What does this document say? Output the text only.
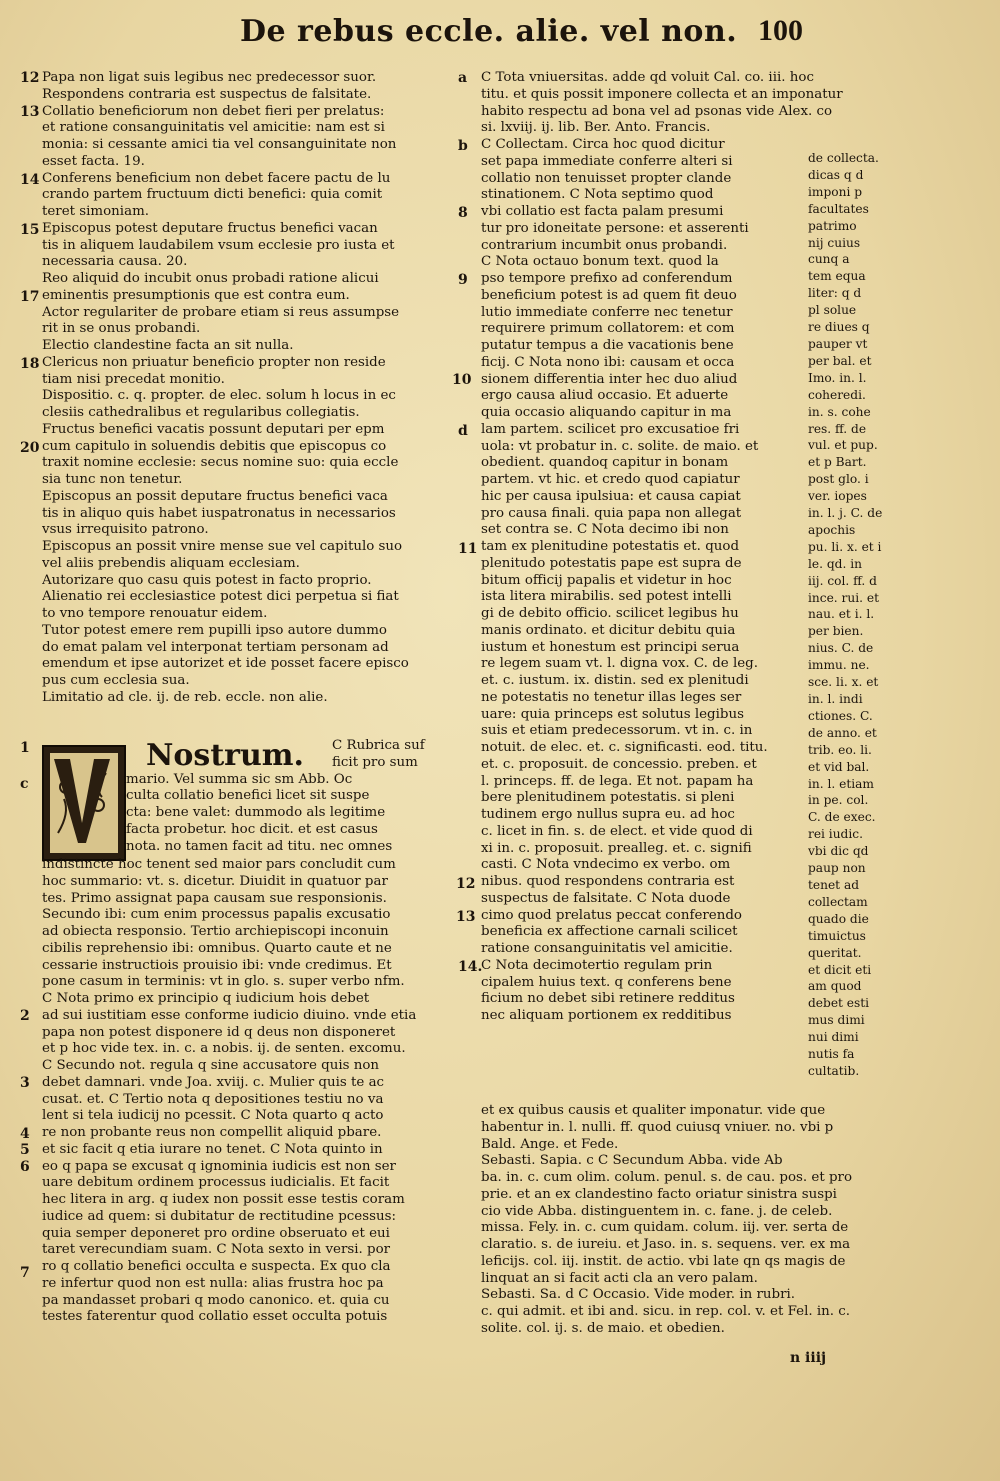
De rebus eccle. alie. vel non. 100
12
13
14
15
17
18
20
Papa non ligat suis legibus nec predecessor suor.
Respondens contraria est suspectus de falsitate.
Collatio beneficiorum non debet fieri per prelatus:
et ratione consanguinitatis vel amicitie: nam est si
monia: si cessante amici tia vel consanguinitate non
esset facta. 19.
Conferens beneficium non debet facere pactu de lu
crando partem fructuum dicti benefici: quia comit
teret simoniam.
Episcopus potest deputare fructus benefici vacan
tis in aliquem laudabilem vsum ecclesie pro iusta et
necessaria causa. 20.
Reo aliquid do incubit onus probadi ratione alicui
eminentis presumptionis que est contra eum.
Actor regulariter de probare etiam si reus assumpse
rit in se onus probandi.
Electio clandestine facta an sit nulla.
Clericus non priuatur beneficio propter non reside
tiam nisi precedat monitio.
Dispositio. c. q. propter. de elec. solum h locus in ec
clesiis cathedralibus et regularibus collegiatis.
Fructus benefici vacatis possunt deputari per epm
cum capitulo in soluendis debitis que episcopus co
traxit nomine ecclesie: secus nomine suo: quia eccle
sia tunc non tenetur.
Episcopus an possit deputare fructus benefici vaca
tis in aliquo quis habet iuspatronatus in necessarios
vsus irrequisito patrono.
Episcopus an possit vnire mense sue vel capitulo suo
vel aliis prebendis aliquam ecclesiam.
Autorizare quo casu quis potest in facto proprio.
Alienatio rei ecclesiastice potest dici perpetua si fiat
to vno tempore renouatur eidem.
Tutor potest emere rem pupilli ipso autore dummo
do emat palam vel interponat tertiam personam ad
emendum et ipse autorizet et ide posset facere episco
pus cum ecclesia sua.
Limitatio ad cle. ij. de reb. eccle. non alie.
Nostrum.
1
c
2
3
4
5
6
7
C Rubrica suf
ficit pro sum
mario. Vel summa sic sm Abb. Oc
culta collatio benefici licet sit suspe
cta: bene valet: dummodo als legitime
facta probetur. hoc dicit. et est casus
nota. no tamen facit ad titu. nec omnes
indistincte hoc tenent sed maior pars concludit cum
hoc summario: vt. s. dicetur. Diuidit in quatuor par
tes. Primo assignat papa causam sue responsionis.
Secundo ibi: cum enim processus papalis excusatio
ad obiecta responsio. Tertio archiepiscopi inconuin
cibilis reprehensio ibi: omnibus. Quarto caute et ne
cessarie instructiois prouisio ibi: vnde credimus. Et
pone casum in terminis: vt in glo. s. super verbo nfm.
C Nota primo ex principio q iudicium hois debet
ad sui iustitiam esse conforme iudicio diuino. vnde etia
papa non potest disponere id q deus non disponeret
et p hoc vide tex. in. c. a nobis. ij. de senten. excomu.
C Secundo not. regula q sine accusatore quis non
debet damnari. vnde Joa. xviij. c. Mulier quis te ac
cusat. et. C Tertio nota q depositiones testiu no va
lent si tela iudicij no pcessit. C Nota quarto q acto
re non probante reus non compellit aliquid pbare.
et sic facit q etia iurare no tenet. C Nota quinto in
eo q papa se excusat q ignominia iudicis est non ser
uare debitum ordinem processus iudicialis. Et facit
hec litera in arg. q iudex non possit esse testis coram
iudice ad quem: si dubitatur de rectitudine pcessus:
quia semper deponeret pro ordine obseruato et eui
taret verecundiam suam. C Nota sexto in versi. por
ro q collatio benefici occulta e suspecta. Ex quo cla
re infertur quod non est nulla: alias frustra hoc pa
pa mandasset probari q modo canonico. et. quia cu
testes faterentur quod collatio esset occulta potuis
a
b
8
9
10
d
11
12
13
14.
C Tota vniuersitas. adde qd voluit Cal. co. iii. hoc
titu. et quis possit imponere collecta et an imponatur
habito respectu ad bona vel ad psonas vide Alex. co
si. lxviij. ij. lib. Ber. Anto. Francis.
C Collectam. Circa hoc quod dicitur
set papa immediate conferre alteri si
collatio non tenuisset propter clande
stinationem. C Nota septimo quod
vbi collatio est facta palam presumi
tur pro idoneitate persone: et asserenti
contrarium incumbit onus probandi.
C Nota octauo bonum text. quod la
pso tempore prefixo ad conferendum
beneficium potest is ad quem fit deuo
lutio immediate conferre nec tenetur
requirere primum collatorem: et com
putatur tempus a die vacationis bene
ficij. C Nota nono ibi: causam et occa
sionem differentia inter hec duo aliud
ergo causa aliud occasio. Et aduerte
quia occasio aliquando capitur in ma
lam partem. scilicet pro excusatioe fri
uola: vt probatur in. c. solite. de maio. et
obedient. quandoq capitur in bonam
partem. vt hic. et credo quod capiatur
hic per causa ipulsiua: et causa capiat
pro causa finali. quia papa non allegat
set contra se. C Nota decimo ibi non
tam ex plenitudine potestatis et. quod
plenitudo potestatis pape est supra de
bitum officij papalis et videtur in hoc
ista litera mirabilis. sed potest intelli
gi de debito officio. scilicet legibus hu
manis ordinato. et dicitur debitu quia
iustum et honestum est principi serua
re legem suam vt. l. digna vox. C. de leg.
et. c. iustum. ix. distin. sed ex plenitudi
ne potestatis no tenetur illas leges ser
uare: quia princeps est solutus legibus
suis et etiam predecessorum. vt in. c. in
notuit. de elec. et. c. significasti. eod. titu.
et. c. proposuit. de concessio. preben. et
l. princeps. ff. de lega. Et not. papam ha
bere plenitudinem potestatis. si pleni
tudinem ergo nullus supra eu. ad hoc
c. licet in fin. s. de elect. et vide quod di
xi in. c. proposuit. prealleg. et. c. signifi
casti. C Nota vndecimo ex verbo. om
nibus. quod respondens contraria est
suspectus de falsitate. C Nota duode
cimo quod prelatus peccat conferendo
beneficia ex affectione carnali scilicet
ratione consanguinitatis vel amicitie.
C Nota decimotertio regulam prin
cipalem huius text. q conferens bene
ficium no debet sibi retinere redditus
nec aliquam portionem ex redditibus
de collecta.
dicas q d
imponi p
facultates
patrimo
nij cuius
cunq a
tem equa
liter: q d
pl solue
re diues q
pauper vt
per bal. et
Imo. in. l.
coheredi.
in. s. cohe
res. ff. de
vul. et pup.
et p Bart.
post glo. i
ver. iopes
in. l. j. C. de
apochis
pu. li. x. et i
le. qd. in
iij. col. ff. d
ince. rui. et
nau. et i. l.
per bien.
nius. C. de
immu. ne.
sce. li. x. et
in. l. indi
ctiones. C.
de anno. et
trib. eo. li.
et vid bal.
in. l. etiam
in pe. col.
C. de exec.
rei iudic.
vbi dic qd
paup non
tenet ad
collectam
quado die
timuictus
queritat.
et dicit eti
am quod
debet esti
mus dimi
nui dimi
nutis fa
cultatib.
et ex quibus causis et qualiter imponatur. vide que
habentur in. l. nulli. ff. quod cuiusq vniuer. no. vbi p
Bald. Ange. et Fede.
Sebasti. Sapia. c C Secundum Abba. vide Ab
ba. in. c. cum olim. colum. penul. s. de cau. pos. et pro
prie. et an ex clandestino facto oriatur sinistra suspi
cio vide Abba. distinguentem in. c. fane. j. de celeb.
missa. Fely. in. c. cum quidam. colum. iij. ver. serta de
claratio. s. de iureiu. et Jaso. in. s. sequens. ver. ex ma
leficijs. col. iij. instit. de actio. vbi late qn qs magis de
linquat an si facit acti cla an vero palam.
Sebasti. Sa. d C Occasio. Vide moder. in rubri.
c. qui admit. et ibi and. sicu. in rep. col. v. et Fel. in. c.
solite. col. ij. s. de maio. et obedien.
n iiij
